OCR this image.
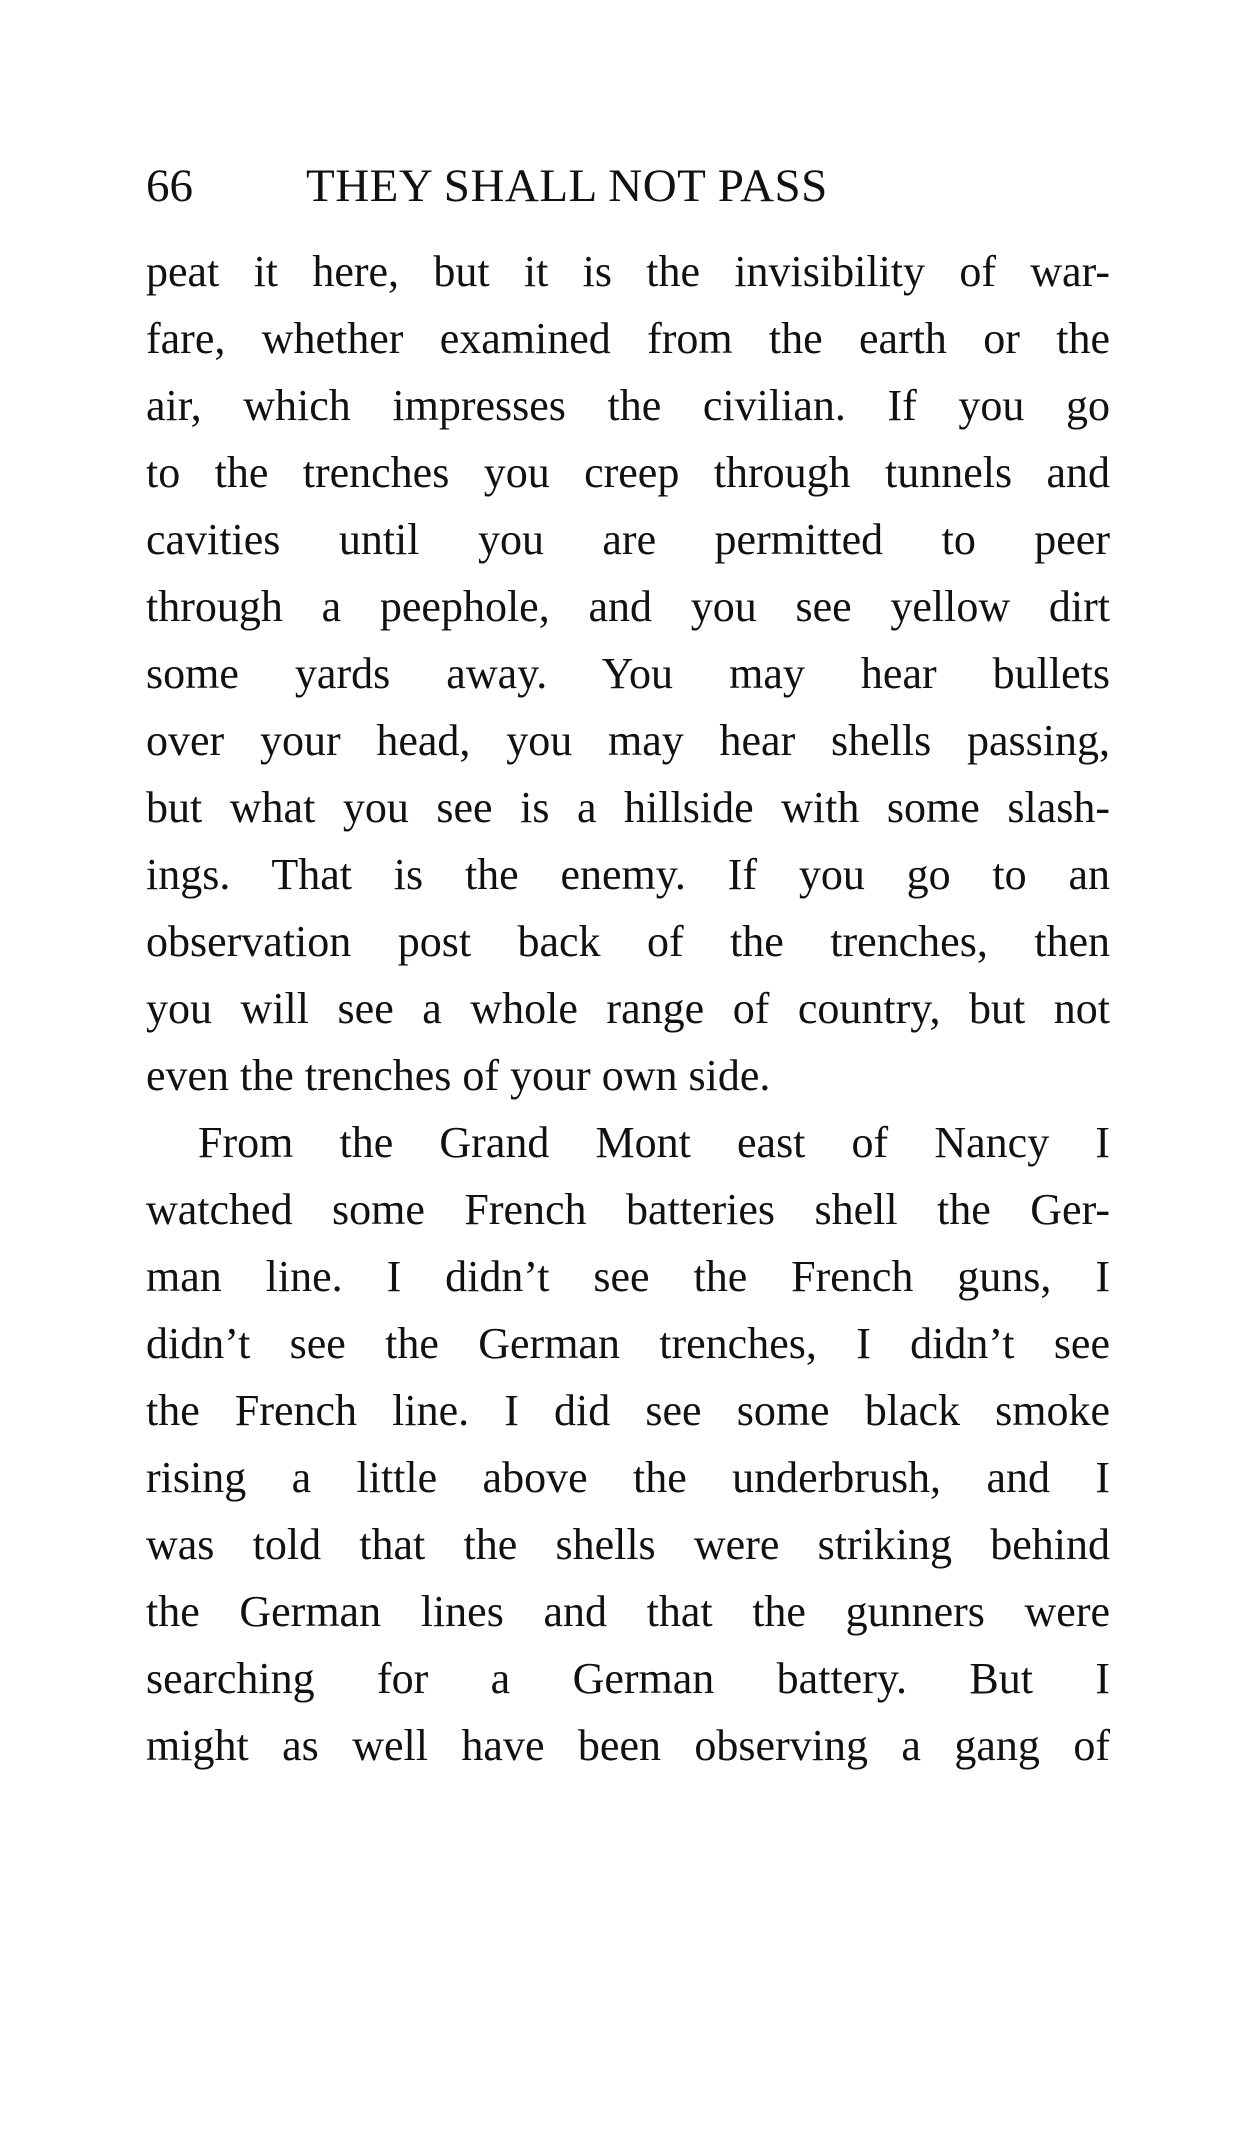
66 THEY SHALL NOT PASS
peat it here, but it is the invisibility of war-
fare, whether examined from the earth or the
air, which impresses the civilian. If you go
to the trenches you creep through tunnels and
cavities until you are permitted to peer
through a peephole, and you see yellow dirt
some yards away. You may hear bullets
over your head, you may hear shells passing,
but what you see is a hillside with some slash-
ings. That is the enemy. If you go to an
observation post back of the trenches, then
you will see a whole range of country, but not
even the trenches of your own side.
From the Grand Mont east of Nancy I
watched some French batteries shell the Ger-
man line. I didn’t see the French guns, I
didn’t see the German trenches, I didn’t see
the French line. I did see some black smoke
rising a little above the underbrush, and I
was told that the shells were striking behind
the German lines and that the gunners were
searching for a German battery. But I
might as well have been observing a gang of
